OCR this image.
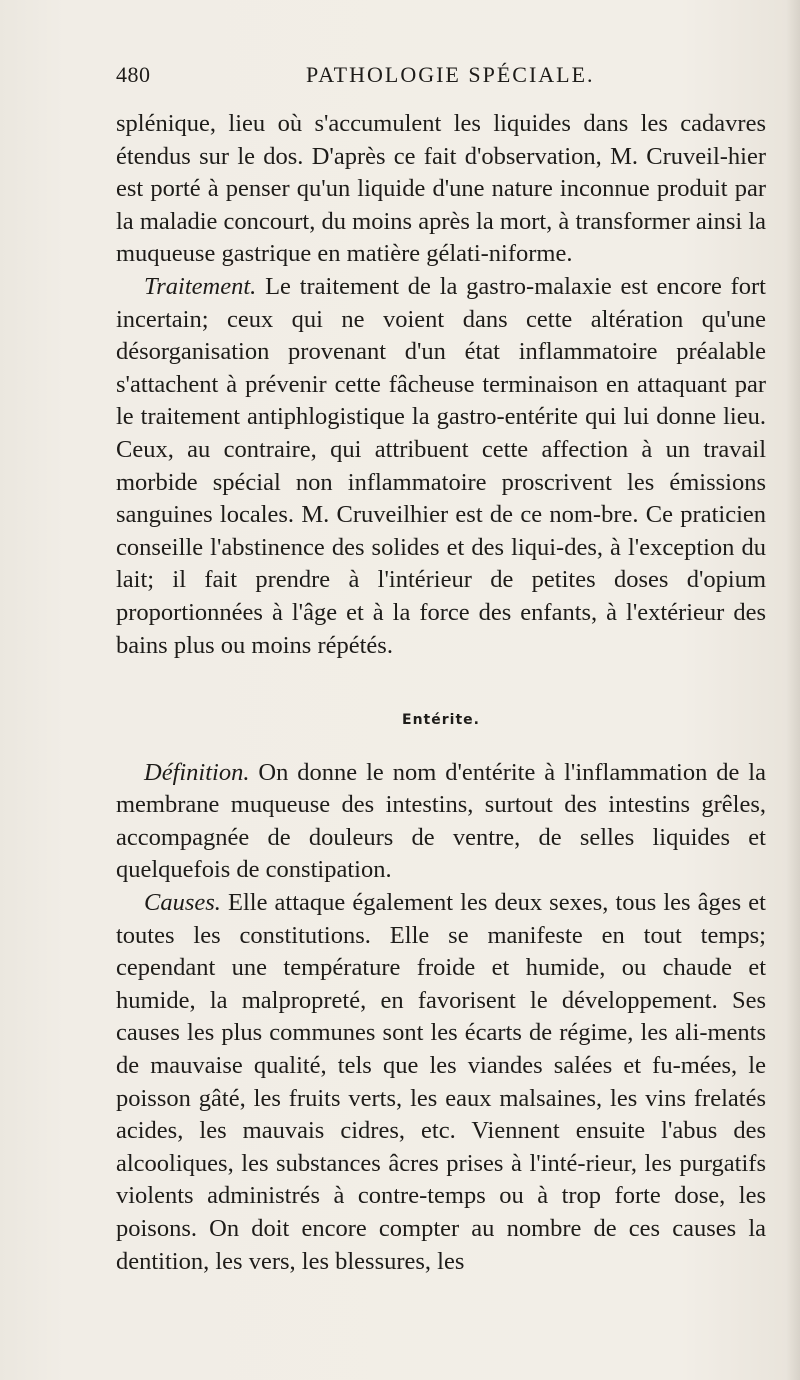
480	PATHOLOGIE SPÉCIALE.

splénique, lieu où s'accumulent les liquides dans les cadavres étendus sur le dos. D'après ce fait d'observation, M. Cruveil-hier est porté à penser qu'un liquide d'une nature inconnue produit par la maladie concourt, du moins après la mort, à transformer ainsi la muqueuse gastrique en matière gélati-niforme.

Traitement. Le traitement de la gastro-malaxie est encore fort incertain; ceux qui ne voient dans cette altération qu'une désorganisation provenant d'un état inflammatoire préalable s'attachent à prévenir cette fâcheuse terminaison en attaquant par le traitement antiphlogistique la gastro-entérite qui lui donne lieu. Ceux, au contraire, qui attribuent cette affection à un travail morbide spécial non inflammatoire proscrivent les émissions sanguines locales. M. Cruveilhier est de ce nom-bre. Ce praticien conseille l'abstinence des solides et des liqui-des, à l'exception du lait; il fait prendre à l'intérieur de petites doses d'opium proportionnées à l'âge et à la force des enfants, à l'extérieur des bains plus ou moins répétés.

Entérite.

Définition. On donne le nom d'entérite à l'inflammation de la membrane muqueuse des intestins, surtout des intestins grêles, accompagnée de douleurs de ventre, de selles liquides et quelquefois de constipation.

Causes. Elle attaque également les deux sexes, tous les âges et toutes les constitutions. Elle se manifeste en tout temps; cependant une température froide et humide, ou chaude et humide, la malpropreté, en favorisent le développement. Ses causes les plus communes sont les écarts de régime, les ali-ments de mauvaise qualité, tels que les viandes salées et fu-mées, le poisson gâté, les fruits verts, les eaux malsaines, les vins frelatés acides, les mauvais cidres, etc. Viennent ensuite l'abus des alcooliques, les substances âcres prises à l'inté-rieur, les purgatifs violents administrés à contre-temps ou à trop forte dose, les poisons. On doit encore compter au nombre de ces causes la dentition, les vers, les blessures, les
